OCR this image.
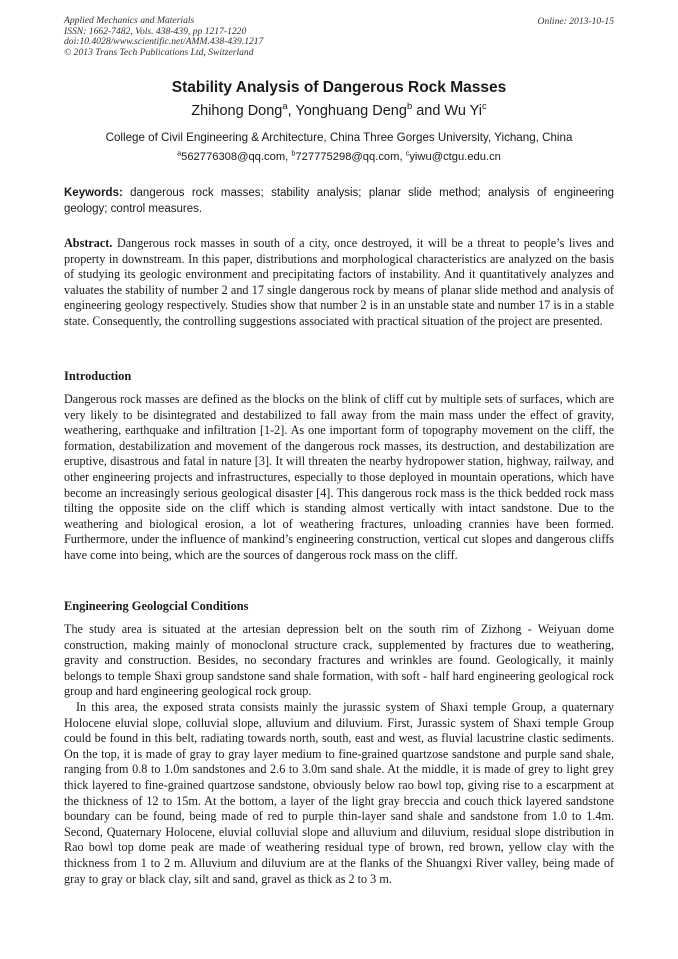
Applied Mechanics and Materials
ISSN: 1662-7482, Vols. 438-439, pp 1217-1220
doi:10.4028/www.scientific.net/AMM.438-439.1217
© 2013 Trans Tech Publications Ltd, Switzerland
Online: 2013-10-15
Stability Analysis of Dangerous Rock Masses
Zhihong Dong$^a$, Yonghuang Deng$^b$ and Wu Yi$^c$
College of Civil Engineering & Architecture, China Three Gorges University, Yichang, China
$^a$562776308@qq.com, $^b$727775298@qq.com, $^c$yiwu@ctgu.edu.cn
Keywords: dangerous rock masses; stability analysis; planar slide method; analysis of engineering geology; control measures.

Abstract. Dangerous rock masses in south of a city, once destroyed, it will be a threat to people’s lives and property in downstream. In this paper, distributions and morphological characteristics are analyzed on the basis of studying its geologic environment and precipitating factors of instability. And it quantitatively analyzes and valuates the stability of number 2 and 17 single dangerous rock by means of planar slide method and analysis of engineering geology respectively. Studies show that number 2 is in an unstable state and number 17 is in a stable state. Consequently, the controlling suggestions associated with practical situation of the project are presented.

Introduction

Dangerous rock masses are defined as the blocks on the blink of cliff cut by multiple sets of surfaces, which are very likely to be disintegrated and destabilized to fall away from the main mass under the effect of gravity, weathering, earthquake and infiltration [1-2]. As one important form of topography movement on the cliff, the formation, destabilization and movement of the dangerous rock masses, its destruction, and destabilization are eruptive, disastrous and fatal in nature [3]. It will threaten the nearby hydropower station, highway, railway, and other engineering projects and infrastructures, especially to those deployed in mountain operations, which have become an increasingly serious geological disaster [4]. This dangerous rock mass is the thick bedded rock mass tilting the opposite side on the cliff which is standing almost vertically with intact sandstone. Due to the weathering and biological erosion, a lot of weathering fractures, unloading crannies have been formed. Furthermore, under the influence of mankind’s engineering construction, vertical cut slopes and dangerous cliffs have come into being, which are the sources of dangerous rock mass on the cliff.

Engineering Geologcial Conditions

The study area is situated at the artesian depression belt on the south rim of Zizhong - Weiyuan dome construction, making mainly of monoclonal structure crack, supplemented by fractures due to weathering, gravity and construction. Besides, no secondary fractures and wrinkles are found. Geologically, it mainly belongs to temple Shaxi group sandstone sand shale formation, with soft - half hard engineering geological rock group and hard engineering geological rock group.

In this area, the exposed strata consists mainly the jurassic system of Shaxi temple Group, a quaternary Holocene eluvial slope, colluvial slope, alluvium and diluvium. First, Jurassic system of Shaxi temple Group could be found in this belt, radiating towards north, south, east and west, as fluvial lacustrine clastic sediments. On the top, it is made of gray to gray layer medium to fine-grained quartzose sandstone and purple sand shale, ranging from 0.8 to 1.0m sandstones and 2.6 to 3.0m sand shale. At the middle, it is made of grey to light grey thick layered to fine-grained quartzose sandstone, obviously below rao bowl top, giving rise to a escarpment at the thickness of 12 to 15m. At the bottom, a layer of the light gray breccia and couch thick layered sandstone boundary can be found, being made of red to purple thin-layer sand shale and sandstone from 1.0 to 1.4m. Second, Quaternary Holocene, eluvial colluvial slope and alluvium and diluvium, residual slope distribution in Rao bowl top dome peak are made of weathering residual type of brown, red brown, yellow clay with the thickness from 1 to 2 m. Alluvium and diluvium are at the flanks of the Shuangxi River valley, being made of gray to gray or black clay, silt and sand, gravel as thick as 2 to 3 m.
